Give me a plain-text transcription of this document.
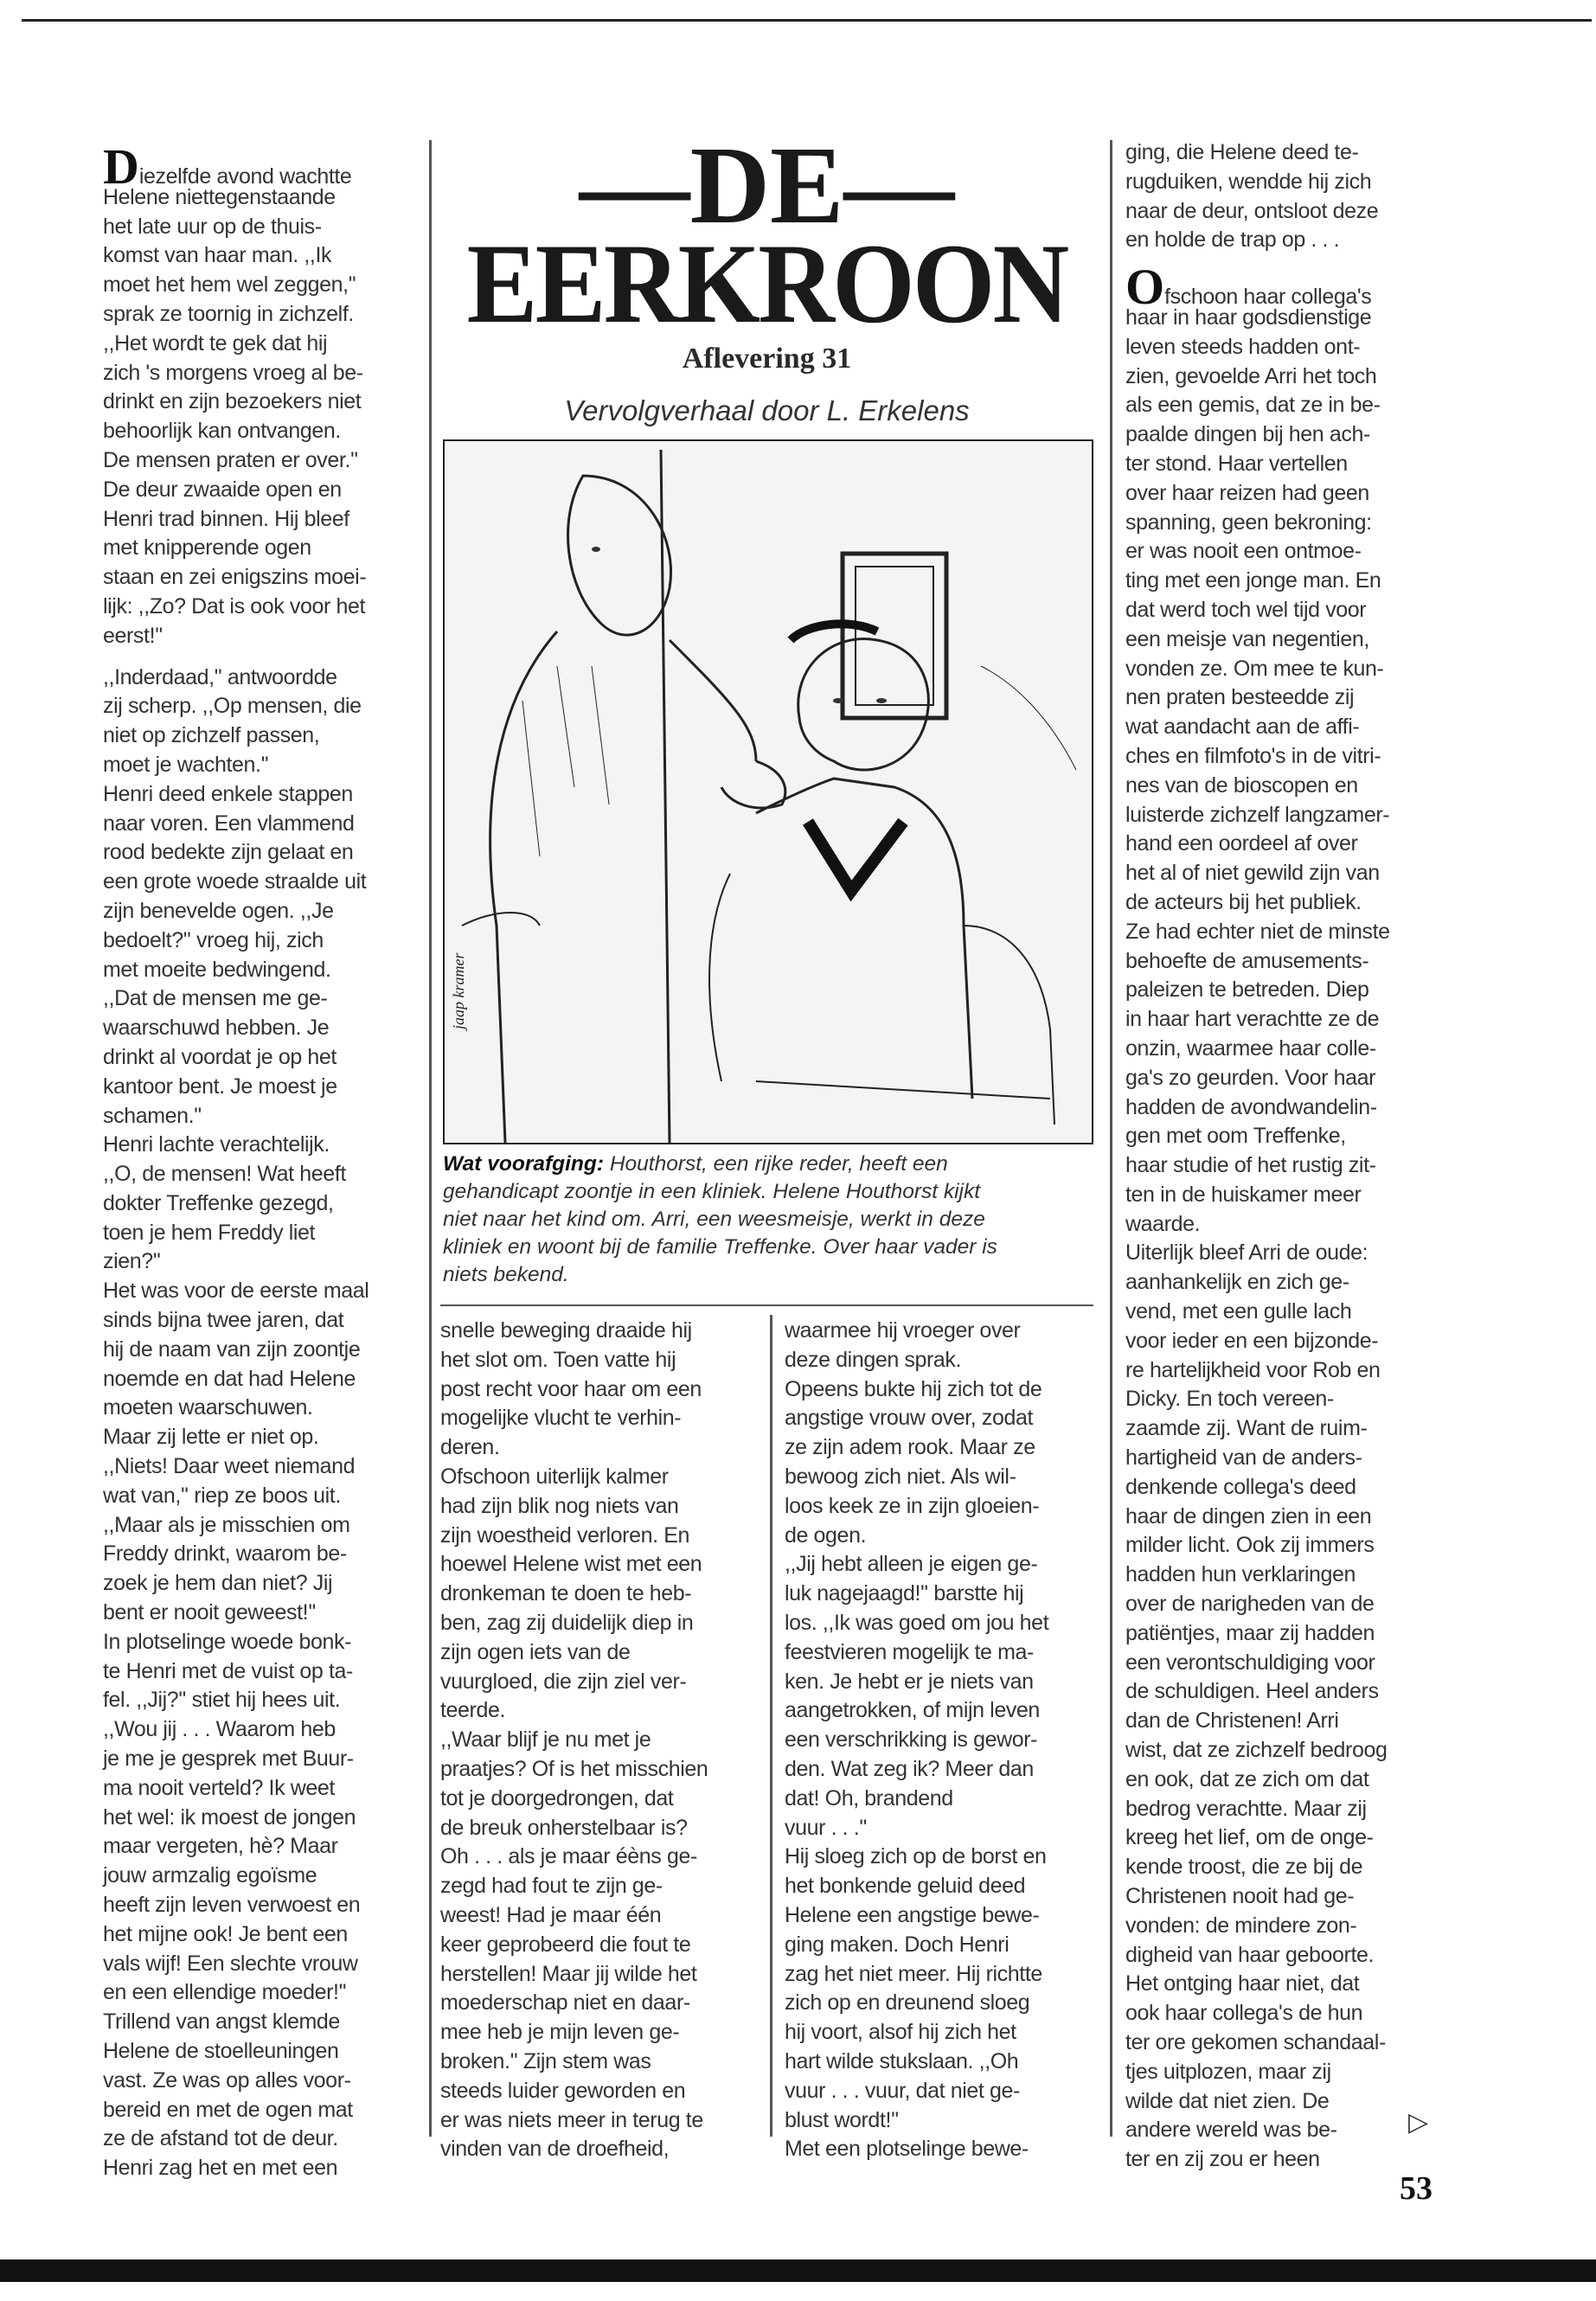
Diezelfde avond wachtte
Helene niettegenstaande
het late uur op de thuis-
komst van haar man. ,,Ik
moet het hem wel zeggen,''
sprak ze toornig in zichzelf.
,,Het wordt te gek dat hij
zich 's morgens vroeg al be-
drinkt en zijn bezoekers niet
behoorlijk kan ontvangen.
De mensen praten er over.''
De deur zwaaide open en
Henri trad binnen. Hij bleef
met knipperende ogen
staan en zei enigszins moei-
lijk: ,,Zo? Dat is ook voor het
eerst!''
,,Inderdaad,'' antwoordde
zij scherp. ,,Op mensen, die
niet op zichzelf passen,
moet je wachten.''
Henri deed enkele stappen
naar voren. Een vlammend
rood bedekte zijn gelaat en
een grote woede straalde uit
zijn benevelde ogen. ,,Je
bedoelt?'' vroeg hij, zich
met moeite bedwingend.
,,Dat de mensen me ge-
waarschuwd hebben. Je
drinkt al voordat je op het
kantoor bent. Je moest je
schamen.''
Henri lachte verachtelijk.
,,O, de mensen! Wat heeft
dokter Treffenke gezegd,
toen je hem Freddy liet
zien?''
Het was voor de eerste maal
sinds bijna twee jaren, dat
hij de naam van zijn zoontje
noemde en dat had Helene
moeten waarschuwen.
Maar zij lette er niet op.
,,Niets! Daar weet niemand
wat van,'' riep ze boos uit.
,,Maar als je misschien om
Freddy drinkt, waarom be-
zoek je hem dan niet? Jij
bent er nooit geweest!''
In plotselinge woede bonk-
te Henri met de vuist op ta-
fel. ,,Jij?'' stiet hij hees uit.
,,Wou jij . . . Waarom heb
je me je gesprek met Buur-
ma nooit verteld? Ik weet
het wel: ik moest de jongen
maar vergeten, hè? Maar
jouw armzalig egoïsme
heeft zijn leven verwoest en
het mijne ook! Je bent een
vals wijf! Een slechte vrouw
en een ellendige moeder!''
Trillend van angst klemde
Helene de stoelleuningen
vast. Ze was op alles voor-
bereid en met de ogen mat
ze de afstand tot de deur.
Henri zag het en met een
—DE—
EERKROON
Aflevering 31
Vervolgverhaal door L. Erkelens
jaap kramer
Wat voorafging: Houthorst, een rijke reder, heeft een
gehandicapt zoontje in een kliniek. Helene Houthorst kijkt
niet naar het kind om. Arri, een weesmeisje, werkt in deze
kliniek en woont bij de familie Treffenke. Over haar vader is
niets bekend.
snelle beweging draaide hij
het slot om. Toen vatte hij
post recht voor haar om een
mogelijke vlucht te verhin-
deren.
Ofschoon uiterlijk kalmer
had zijn blik nog niets van
zijn woestheid verloren. En
hoewel Helene wist met een
dronkeman te doen te heb-
ben, zag zij duidelijk diep in
zijn ogen iets van de
vuurgloed, die zijn ziel ver-
teerde.
,,Waar blijf je nu met je
praatjes? Of is het misschien
tot je doorgedrongen, dat
de breuk onherstelbaar is?
Oh . . . als je maar éèns ge-
zegd had fout te zijn ge-
weest! Had je maar één
keer geprobeerd die fout te
herstellen! Maar jij wilde het
moederschap niet en daar-
mee heb je mijn leven ge-
broken.'' Zijn stem was
steeds luider geworden en
er was niets meer in terug te
vinden van de droefheid,
waarmee hij vroeger over
deze dingen sprak.
Opeens bukte hij zich tot de
angstige vrouw over, zodat
ze zijn adem rook. Maar ze
bewoog zich niet. Als wil-
loos keek ze in zijn gloeien-
de ogen.
,,Jij hebt alleen je eigen ge-
luk nagejaagd!'' barstte hij
los. ,,Ik was goed om jou het
feestvieren mogelijk te ma-
ken. Je hebt er je niets van
aangetrokken, of mijn leven
een verschrikking is gewor-
den. Wat zeg ik? Meer dan
dat! Oh, brandend
vuur . . .''
Hij sloeg zich op de borst en
het bonkende geluid deed
Helene een angstige bewe-
ging maken. Doch Henri
zag het niet meer. Hij richtte
zich op en dreunend sloeg
hij voort, alsof hij zich het
hart wilde stukslaan. ,,Oh
vuur . . . vuur, dat niet ge-
blust wordt!''
Met een plotselinge bewe-
ging, die Helene deed te-
rugduiken, wendde hij zich
naar de deur, ontsloot deze
en holde de trap op . . .
Ofschoon haar collega's
haar in haar godsdienstige
leven steeds hadden ont-
zien, gevoelde Arri het toch
als een gemis, dat ze in be-
paalde dingen bij hen ach-
ter stond. Haar vertellen
over haar reizen had geen
spanning, geen bekroning:
er was nooit een ontmoe-
ting met een jonge man. En
dat werd toch wel tijd voor
een meisje van negentien,
vonden ze. Om mee te kun-
nen praten besteedde zij
wat aandacht aan de affi-
ches en filmfoto's in de vitri-
nes van de bioscopen en
luisterde zichzelf langzamer-
hand een oordeel af over
het al of niet gewild zijn van
de acteurs bij het publiek.
Ze had echter niet de minste
behoefte de amusements-
paleizen te betreden. Diep
in haar hart verachtte ze de
onzin, waarmee haar colle-
ga's zo geurden. Voor haar
hadden de avondwandelin-
gen met oom Treffenke,
haar studie of het rustig zit-
ten in de huiskamer meer
waarde.
Uiterlijk bleef Arri de oude:
aanhankelijk en zich ge-
vend, met een gulle lach
voor ieder en een bijzonde-
re hartelijkheid voor Rob en
Dicky. En toch vereen-
zaamde zij. Want de ruim-
hartigheid van de anders-
denkende collega's deed
haar de dingen zien in een
milder licht. Ook zij immers
hadden hun verklaringen
over de narigheden van de
patiëntjes, maar zij hadden
een verontschuldiging voor
de schuldigen. Heel anders
dan de Christenen! Arri
wist, dat ze zichzelf bedroog
en ook, dat ze zich om dat
bedrog verachtte. Maar zij
kreeg het lief, om de onge-
kende troost, die ze bij de
Christenen nooit had ge-
vonden: de mindere zon-
digheid van haar geboorte.
Het ontging haar niet, dat
ook haar collega's de hun
ter ore gekomen schandaal-
tjes uitplozen, maar zij
wilde dat niet zien. De
andere wereld was be-
ter en zij zou er heen
▷
53
